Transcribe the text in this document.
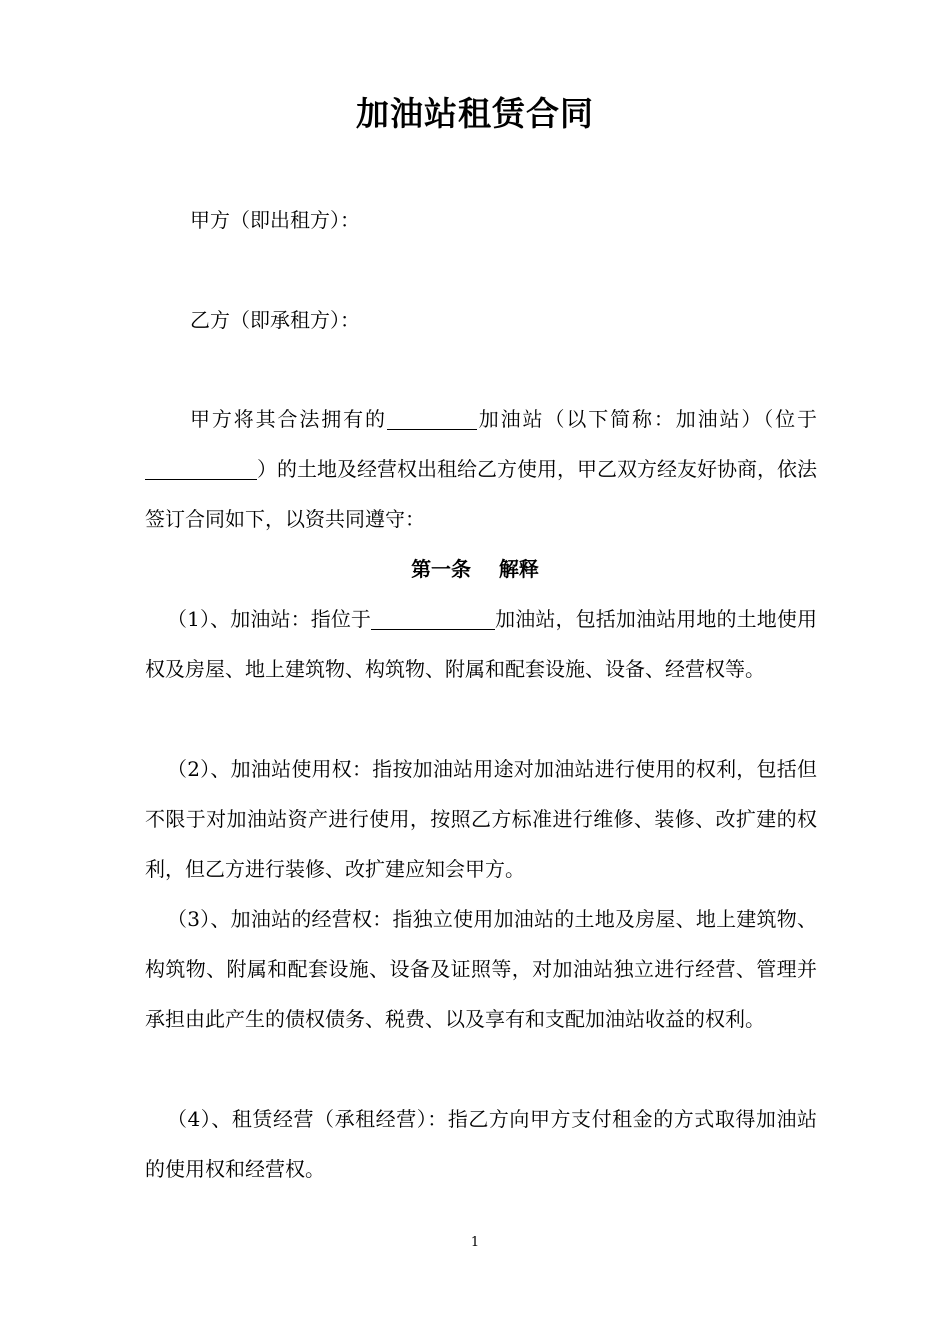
加油站租赁合同
甲方（即出租方）：
乙方（即承租方）：
甲方将其合法拥有的	加油站（以下简称：加油站）（位于）的土地及经营权出租给乙方使用，甲乙双方经友好协商，依法签订合同如下，以资共同遵守：
第一条    解释
（1）、加油站：指位于	加油站，包括加油站用地的土地使用权及房屋、地上建筑物、构筑物、附属和配套设施、设备、经营权等。
（2）、加油站使用权：指按加油站用途对加油站进行使用的权利，包括但不限于对加油站资产进行使用，按照乙方标准进行维修、装修、改扩建的权利，但乙方进行装修、改扩建应知会甲方。
（3）、加油站的经营权：指独立使用加油站的土地及房屋、地上建筑物、构筑物、附属和配套设施、设备及证照等，对加油站独立进行经营、管理并承担由此产生的债权债务、税费、以及享有和支配加油站收益的权利。
（4）、租赁经营（承租经营）：指乙方向甲方支付租金的方式取得加油站的使用权和经营权。
1
